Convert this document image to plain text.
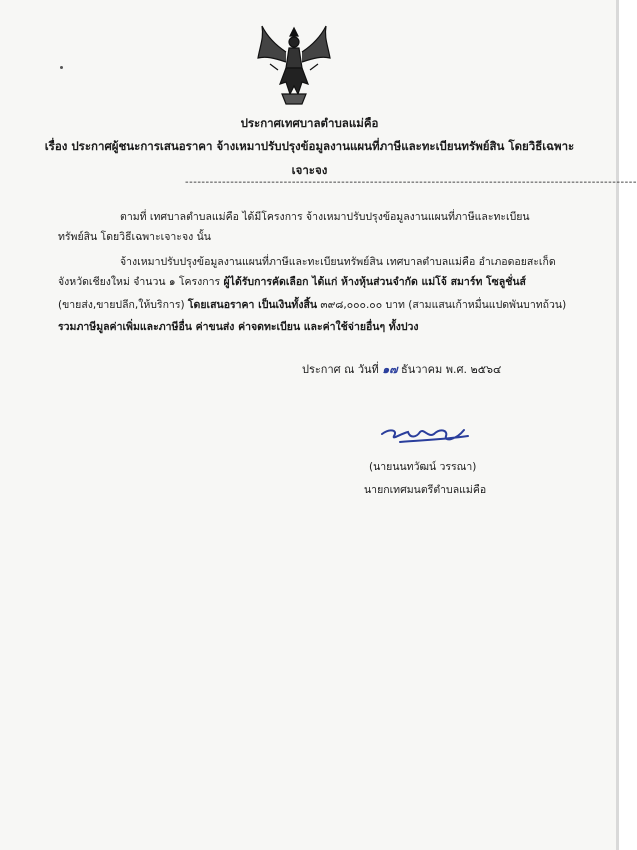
ประกาศเทศบาลตำบลแม่คือ
เรื่อง ประกาศผู้ชนะการเสนอราคา จ้างเหมาปรับปรุงข้อมูลงานแผนที่ภาษีและทะเบียนทรัพย์สิน โดยวิธีเฉพาะ
เจาะจง
--------------------------------------------------------------------------------------------------------------
ตามที่ เทศบาลตำบลแม่คือ ได้มีโครงการ จ้างเหมาปรับปรุงข้อมูลงานแผนที่ภาษีและทะเบียน
ทรัพย์สิน โดยวิธีเฉพาะเจาะจง นั้น
จ้างเหมาปรับปรุงข้อมูลงานแผนที่ภาษีและทะเบียนทรัพย์สิน เทศบาลตำบลแม่คือ อำเภอดอยสะเก็ด
จังหวัดเชียงใหม่ จำนวน ๑ โครงการ ผู้ได้รับการคัดเลือก ได้แก่ ห้างหุ้นส่วนจำกัด แม่โจ้ สมาร์ท โซลูชั่นส์
(ขายส่ง,ขายปลีก,ให้บริการ) โดยเสนอราคา เป็นเงินทั้งสิ้น ๓๙๘,๐๐๐.๐๐ บาท (สามแสนเก้าหมื่นแปดพันบาทถ้วน)
รวมภาษีมูลค่าเพิ่มและภาษีอื่น ค่าขนส่ง ค่าจดทะเบียน และค่าใช้จ่ายอื่นๆ ทั้งปวง
ประกาศ ณ วันที่ ๑๗ ธันวาคม พ.ศ. ๒๕๖๔
(นายนนทวัฒน์ วรรณา)
นายกเทศมนตรีตำบลแม่คือ
